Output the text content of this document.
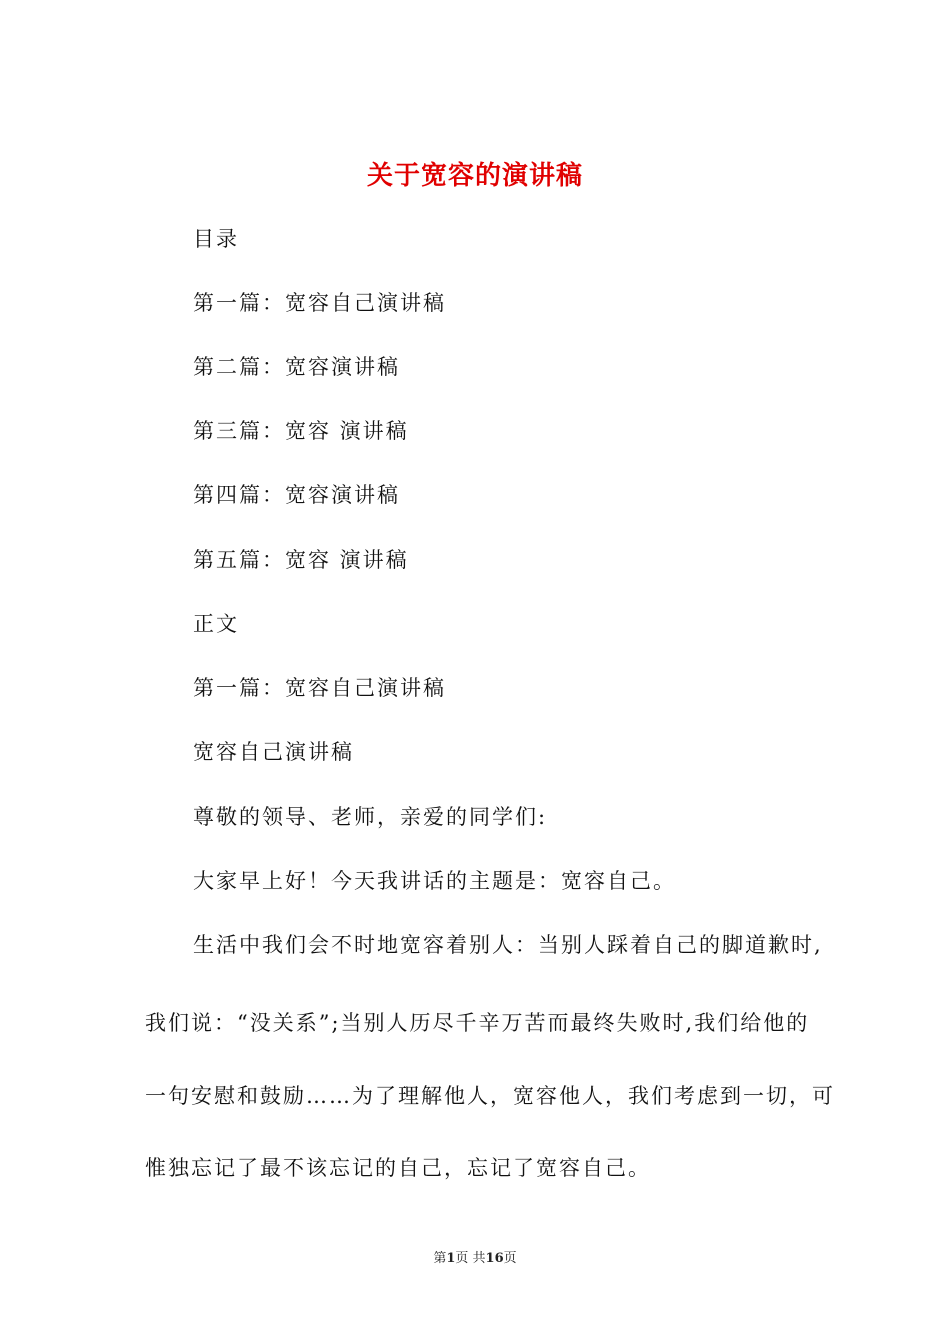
关于宽容的演讲稿
目录
第一篇：宽容自己演讲稿
第二篇：宽容演讲稿
第三篇：宽容 演讲稿
第四篇：宽容演讲稿
第五篇：宽容 演讲稿
正文
第一篇：宽容自己演讲稿
宽容自己演讲稿
尊敬的领导、老师，亲爱的同学们:
大家早上好！今天我讲话的主题是：宽容自己。
生活中我们会不时地宽容着别人：当别人踩着自己的脚道歉时,
我们说：“没关系”;当别人历尽千辛万苦而最终失败时,我们给他的
一句安慰和鼓励……为了理解他人，宽容他人，我们考虑到一切，可
惟独忘记了最不该忘记的自己，忘记了宽容自己。
第1页 共16页
